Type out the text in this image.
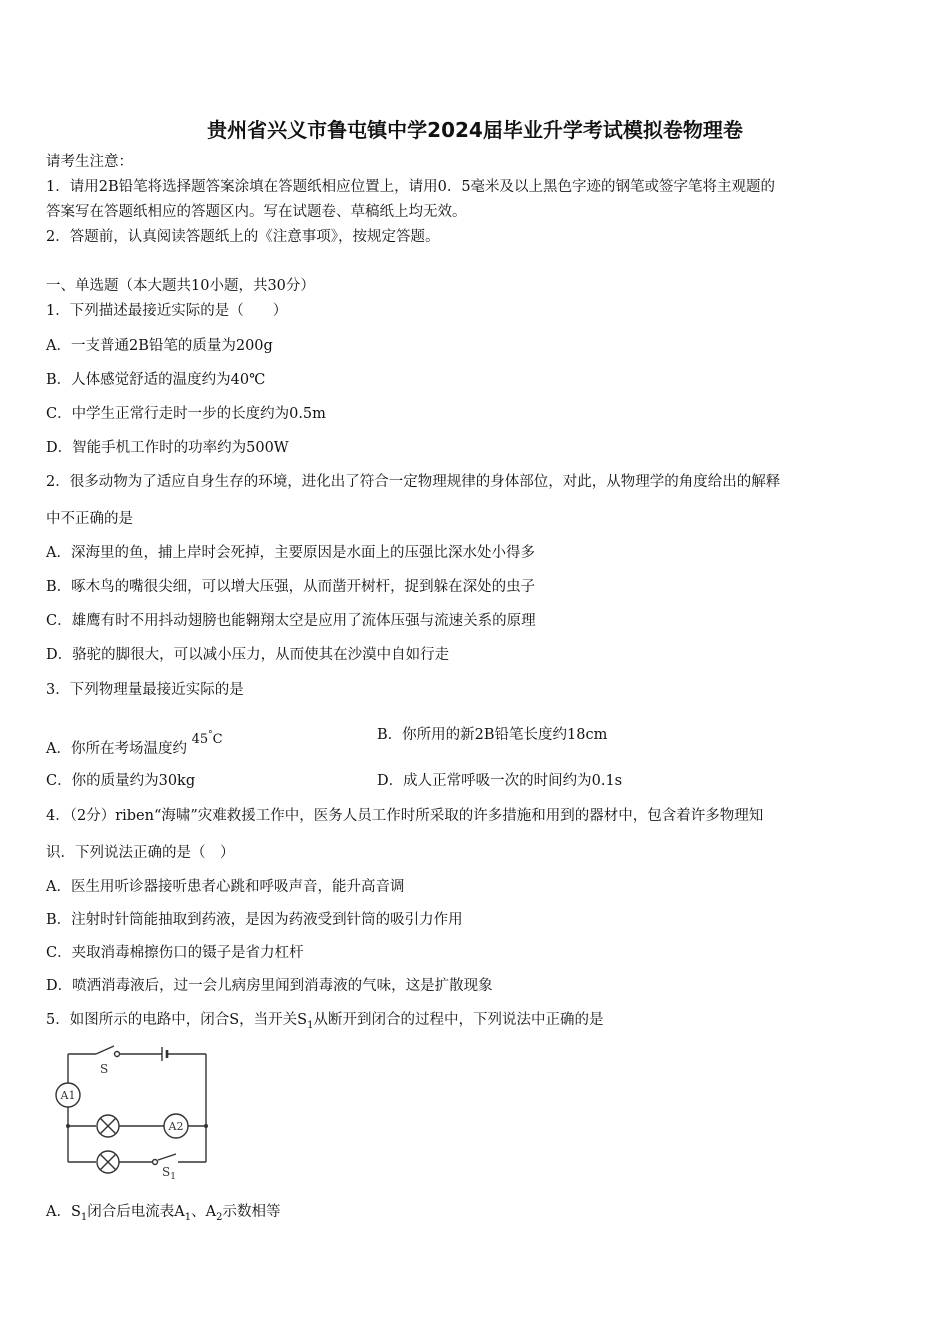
贵州省兴义市鲁屯镇中学2024届毕业升学考试模拟卷物理卷
请考生注意：
1．请用2B铅笔将选择题答案涂填在答题纸相应位置上，请用0．5毫米及以上黑色字迹的钢笔或签字笔将主观题的
答案写在答题纸相应的答题区内。写在试题卷、草稿纸上均无效。
2．答题前，认真阅读答题纸上的《注意事项》，按规定答题。
一、单选题（本大题共10小题，共30分）
1．下列描述最接近实际的是（　　）
A．一支普通2B铅笔的质量为200g
B．人体感觉舒适的温度约为40℃
C．中学生正常行走时一步的长度约为0.5m
D．智能手机工作时的功率约为500W
2．很多动物为了适应自身生存的环境，进化出了符合一定物理规律的身体部位，对此，从物理学的角度给出的解释
中不正确的是
A．深海里的鱼，捕上岸时会死掉，主要原因是水面上的压强比深水处小得多
B．啄木鸟的嘴很尖细，可以增大压强，从而凿开树杆，捉到躲在深处的虫子
C．雄鹰有时不用抖动翅膀也能翱翔太空是应用了流体压强与流速关系的原理
D．骆驼的脚很大，可以减小压力，从而使其在沙漠中自如行走
3．下列物理量最接近实际的是
A．你所在考场温度约 45°C	B．你所用的新2B铅笔长度约18cm
C．你的质量约为30kg	D．成人正常呼吸一次的时间约为0.1s
4．（2分）riben“海啸”灾难救援工作中，医务人员工作时所采取的许多措施和用到的器材中，包含着许多物理知
识．下列说法正确的是（　）
A．医生用听诊器接听患者心跳和呼吸声音，能升高音调
B．注射时针筒能抽取到药液，是因为药液受到针筒的吸引力作用
C．夹取消毒棉擦伤口的镊子是省力杠杆
D．喷洒消毒液后，过一会儿病房里闻到消毒液的气味，这是扩散现象
5．如图所示的电路中，闭合S，当开关$S_1$从断开到闭合的过程中，下列说法中正确的是
S
$S_1$
A1
A2
A．$S_1$闭合后电流表$A_1$、$A_2$示数相等
